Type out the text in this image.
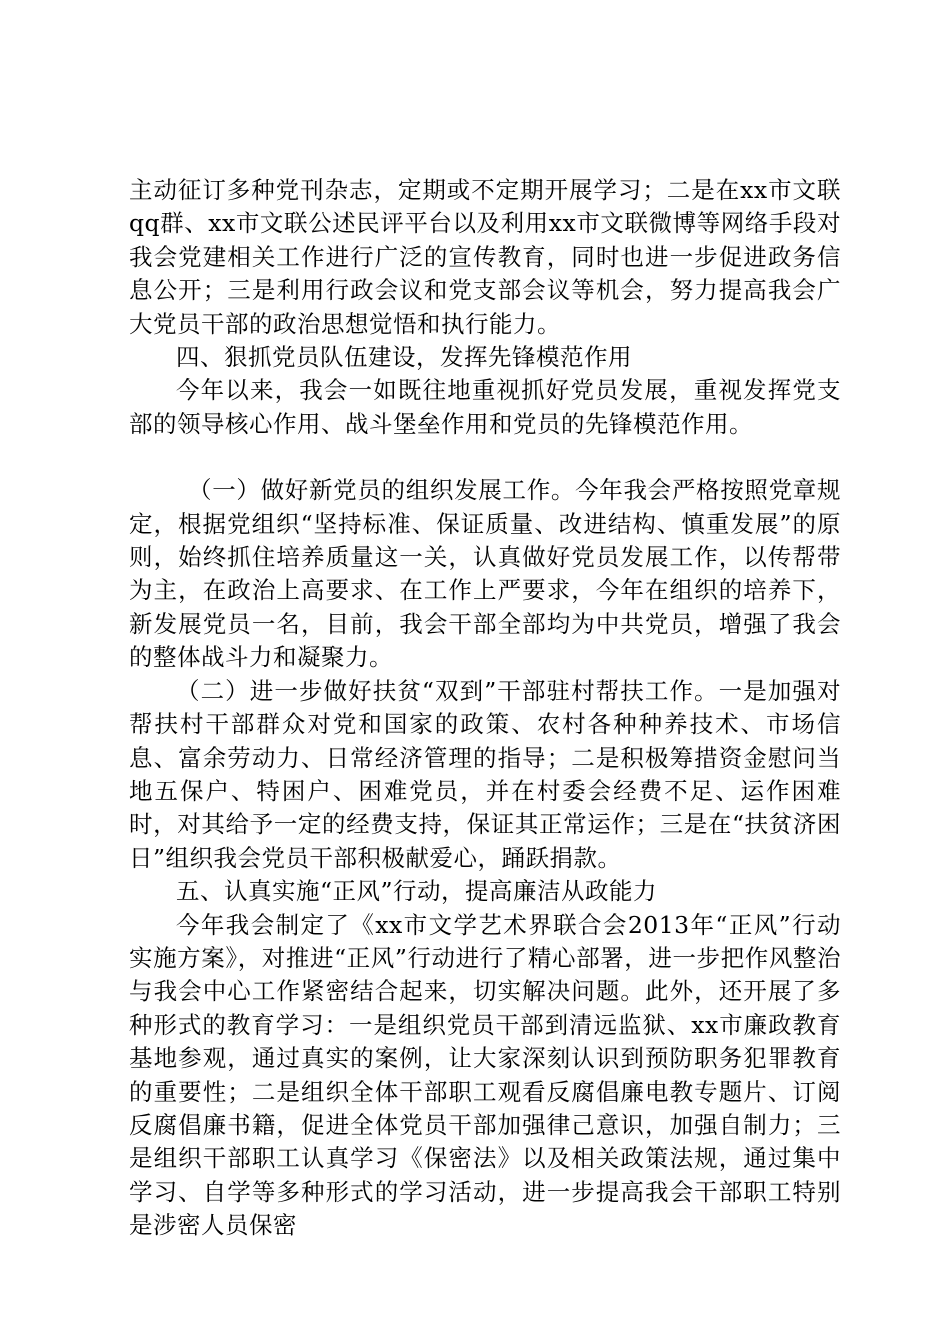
主动征订多种党刊杂志，定期或不定期开展学习；二是在xx市文联qq群、xx市文联公述民评平台以及利用xx市文联微博等网络手段对我会党建相关工作进行广泛的宣传教育，同时也进一步促进政务信息公开；三是利用行政会议和党支部会议等机会，努力提高我会广大党员干部的政治思想觉悟和执行能力。

四、狠抓党员队伍建设，发挥先锋模范作用

今年以来，我会一如既往地重视抓好党员发展，重视发挥党支部的领导核心作用、战斗堡垒作用和党员的先锋模范作用。

（一）做好新党员的组织发展工作。今年我会严格按照党章规定，根据党组织“坚持标准、保证质量、改进结构、慎重发展”的原则，始终抓住培养质量这一关，认真做好党员发展工作，以传帮带为主，在政治上高要求、在工作上严要求，今年在组织的培养下，新发展党员一名，目前，我会干部全部均为中共党员，增强了我会的整体战斗力和凝聚力。

（二）进一步做好扶贫“双到”干部驻村帮扶工作。一是加强对帮扶村干部群众对党和国家的政策、农村各种种养技术、市场信息、富余劳动力、日常经济管理的指导；二是积极筹措资金慰问当地五保户、特困户、困难党员，并在村委会经费不足、运作困难时，对其给予一定的经费支持，保证其正常运作；三是在“扶贫济困日”组织我会党员干部积极献爱心，踊跃捐款。

五、认真实施“正风”行动，提高廉洁从政能力

今年我会制定了《xx市文学艺术界联合会2013年“正风”行动实施方案》，对推进“正风”行动进行了精心部署，进一步把作风整治与我会中心工作紧密结合起来，切实解决问题。此外，还开展了多种形式的教育学习：一是组织党员干部到清远监狱、xx市廉政教育基地参观，通过真实的案例，让大家深刻认识到预防职务犯罪教育的重要性；二是组织全体干部职工观看反腐倡廉电教专题片、订阅反腐倡廉书籍，促进全体党员干部加强律己意识，加强自制力；三是组织干部职工认真学习《保密法》以及相关政策法规，通过集中学习、自学等多种形式的学习活动，进一步提高我会干部职工特别是涉密人员保密
